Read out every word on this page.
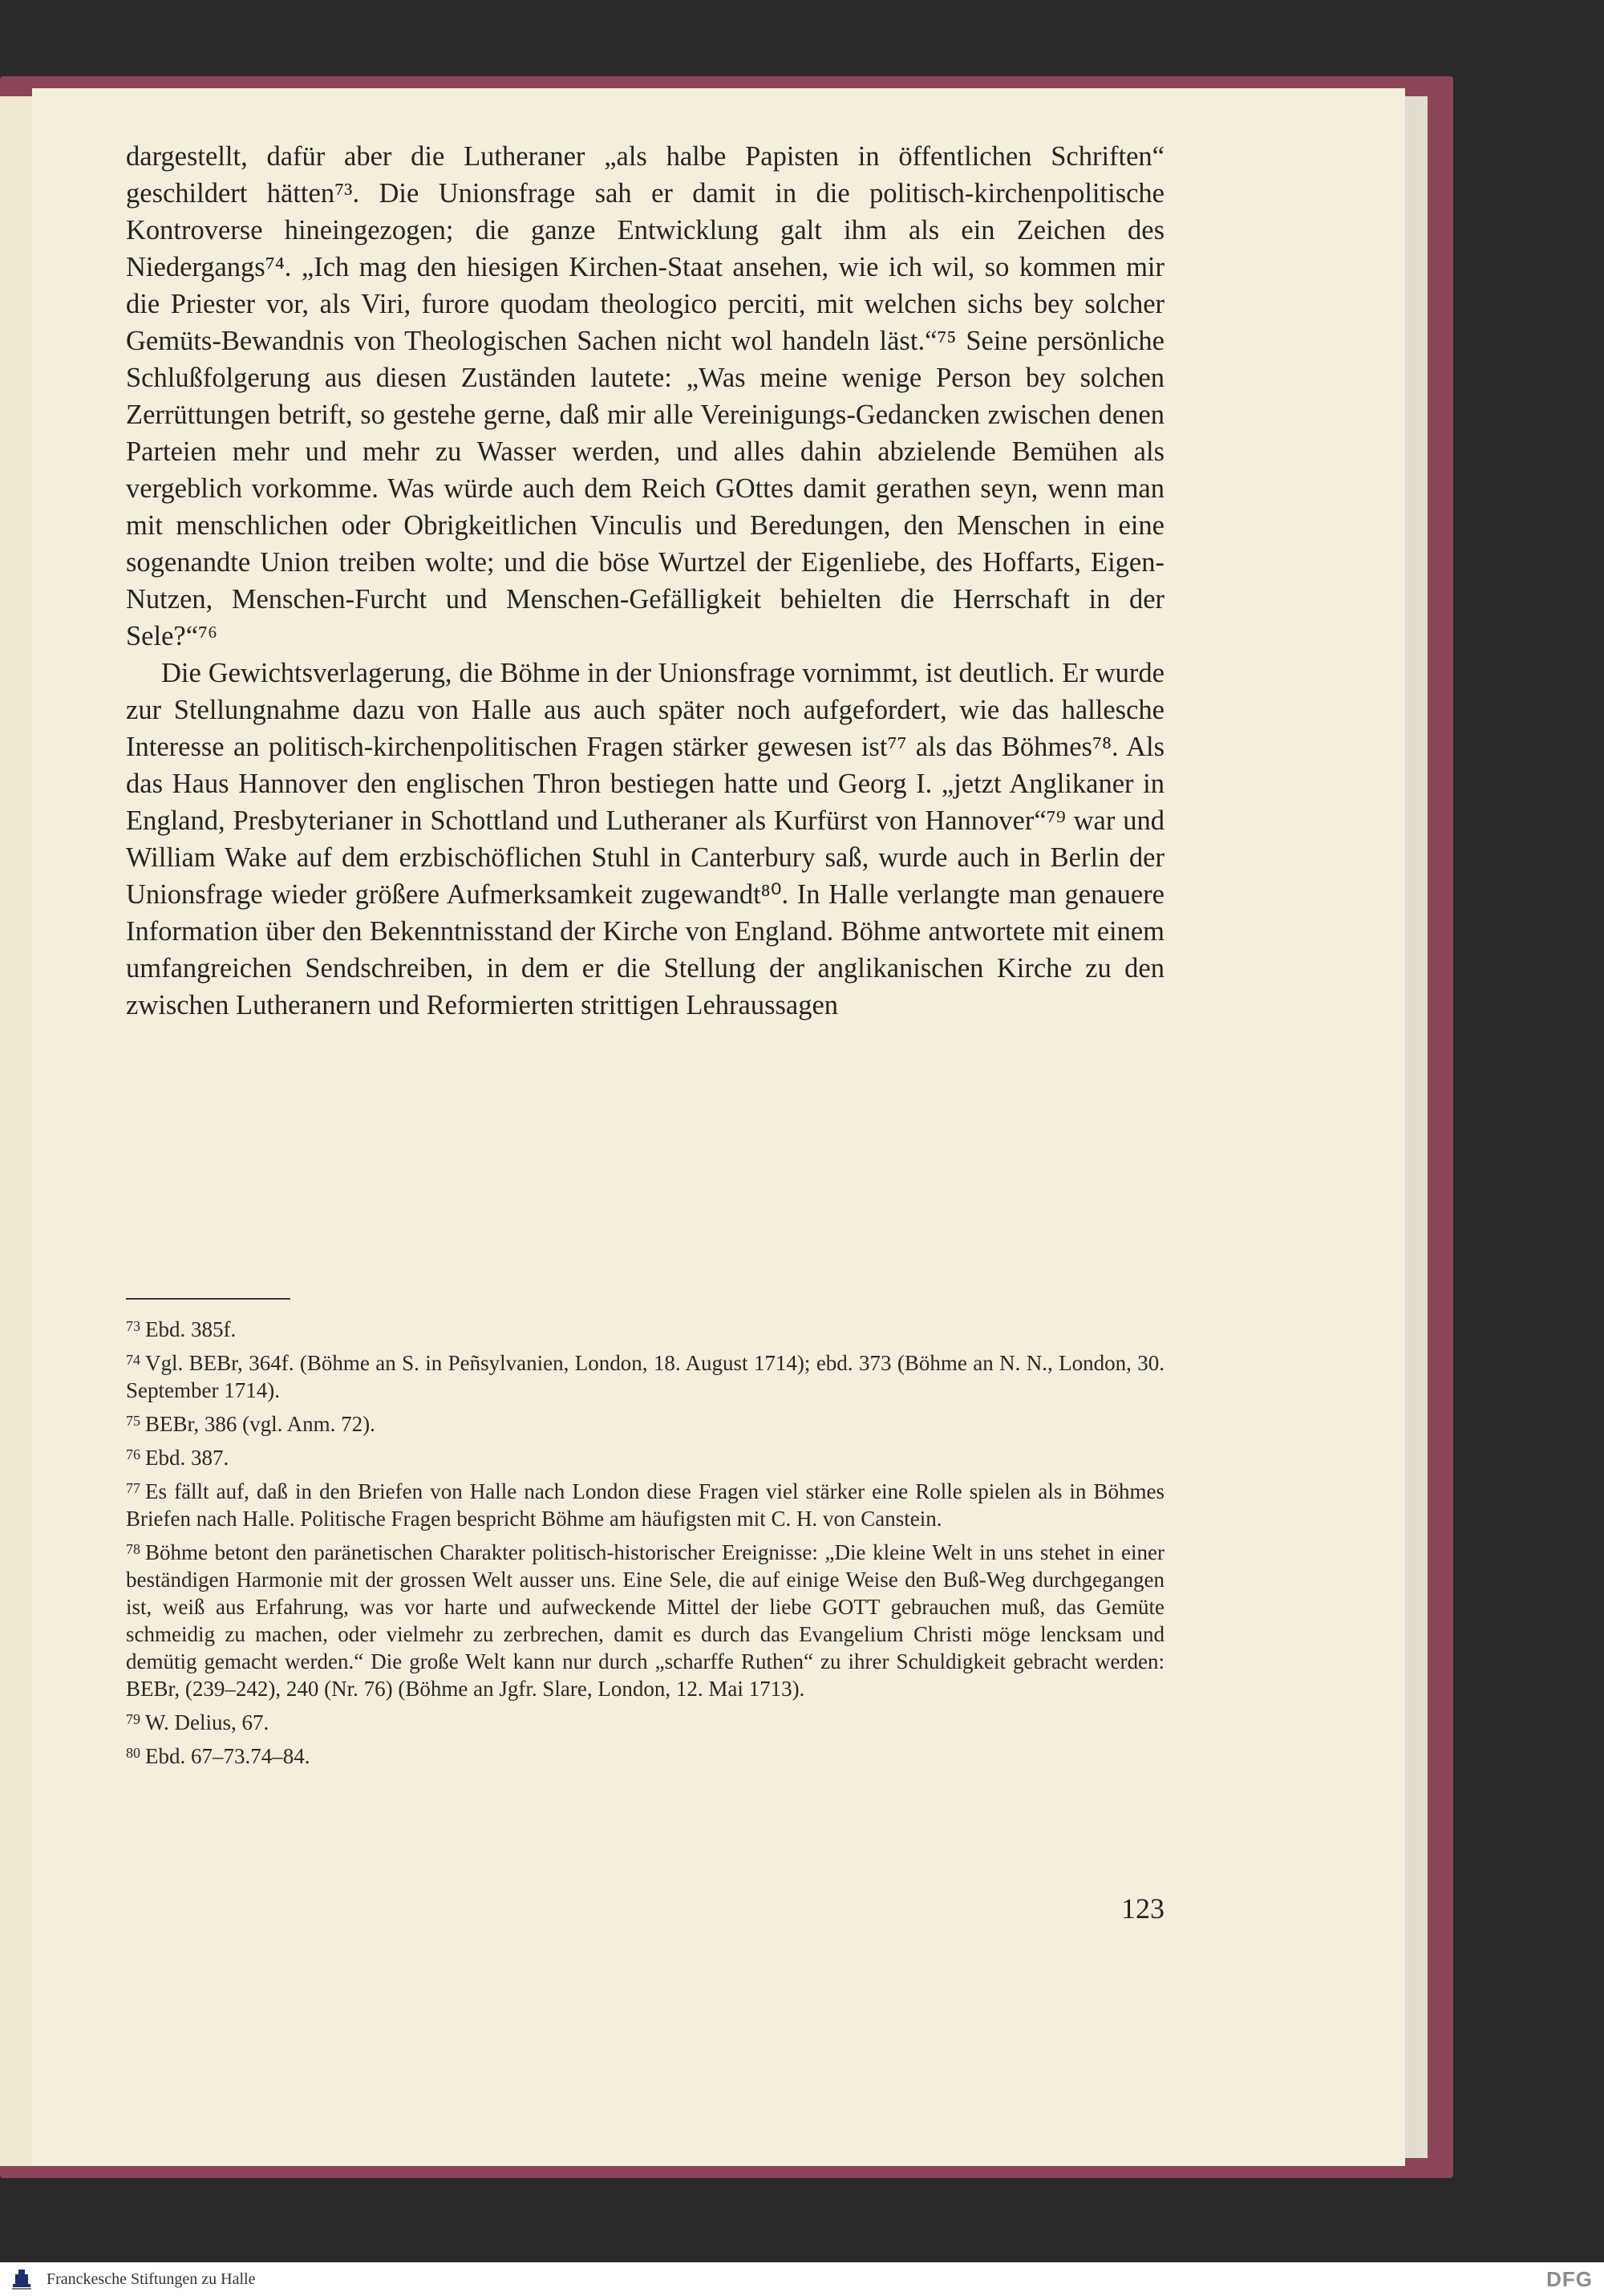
dargestellt, dafür aber die Lutheraner „als halbe Papisten in öffentlichen Schriften“ geschildert hätten⁷³. Die Unionsfrage sah er damit in die politisch-kirchenpolitische Kontroverse hineingezogen; die ganze Entwicklung galt ihm als ein Zeichen des Niedergangs⁷⁴. „Ich mag den hiesigen Kirchen-Staat ansehen, wie ich wil, so kommen mir die Priester vor, als Viri, furore quodam theologico perciti, mit welchen sichs bey solcher Gemüts-Bewandnis von Theologischen Sachen nicht wol handeln läst.“⁷⁵ Seine persönliche Schlußfolgerung aus diesen Zuständen lautete: „Was meine wenige Person bey solchen Zerrüttungen betrift, so gestehe gerne, daß mir alle Vereinigungs-Gedancken zwischen denen Parteien mehr und mehr zu Wasser werden, und alles dahin abzielende Bemühen als vergeblich vorkomme. Was würde auch dem Reich GOttes damit gerathen seyn, wenn man mit menschlichen oder Obrigkeitlichen Vinculis und Beredungen, den Menschen in eine sogenandte Union treiben wolte; und die böse Wurtzel der Eigenliebe, des Hoffarts, Eigen-Nutzen, Menschen-Furcht und Menschen-Gefälligkeit behielten die Herrschaft in der Sele?“⁷⁶

Die Gewichtsverlagerung, die Böhme in der Unionsfrage vornimmt, ist deutlich. Er wurde zur Stellungnahme dazu von Halle aus auch später noch aufgefordert, wie das hallesche Interesse an politisch-kirchenpolitischen Fragen stärker gewesen ist⁷⁷ als das Böhmes⁷⁸. Als das Haus Hannover den englischen Thron bestiegen hatte und Georg I. „jetzt Anglikaner in England, Presbyterianer in Schottland und Lutheraner als Kurfürst von Hannover“⁷⁹ war und William Wake auf dem erzbischöflichen Stuhl in Canterbury saß, wurde auch in Berlin der Unionsfrage wieder größere Aufmerksamkeit zugewandt⁸⁰. In Halle verlangte man genauere Information über den Bekenntnisstand der Kirche von England. Böhme antwortete mit einem umfangreichen Sendschreiben, in dem er die Stellung der anglikanischen Kirche zu den zwischen Lutheranern und Reformierten strittigen Lehraussagen

$^{73}$ Ebd. 385f.

$^{74}$ Vgl. BEBr, 364f. (Böhme an S. in Peñsylvanien, London, 18. August 1714); ebd. 373 (Böhme an N. N., London, 30. September 1714).

$^{75}$ BEBr, 386 (vgl. Anm. 72).

$^{76}$ Ebd. 387.

$^{77}$ Es fällt auf, daß in den Briefen von Halle nach London diese Fragen viel stärker eine Rolle spielen als in Böhmes Briefen nach Halle. Politische Fragen bespricht Böhme am häufigsten mit C. H. von Canstein.

$^{78}$ Böhme betont den paränetischen Charakter politisch-historischer Ereignisse: „Die kleine Welt in uns stehet in einer beständigen Harmonie mit der grossen Welt ausser uns. Eine Sele, die auf einige Weise den Buß-Weg durchgegangen ist, weiß aus Erfahrung, was vor harte und aufweckende Mittel der liebe GOTT gebrauchen muß, das Gemüte schmeidig zu machen, oder vielmehr zu zerbrechen, damit es durch das Evangelium Christi möge lencksam und demütig gemacht werden.“ Die große Welt kann nur durch „scharffe Ruthen“ zu ihrer Schuldigkeit gebracht werden: BEBr, (239–242), 240 (Nr. 76) (Böhme an Jgfr. Slare, London, 12. Mai 1713).

$^{79}$ W. Delius, 67.

$^{80}$ Ebd. 67–73.74–84.

123
Franckesche Stiftungen zu Halle	DFG
